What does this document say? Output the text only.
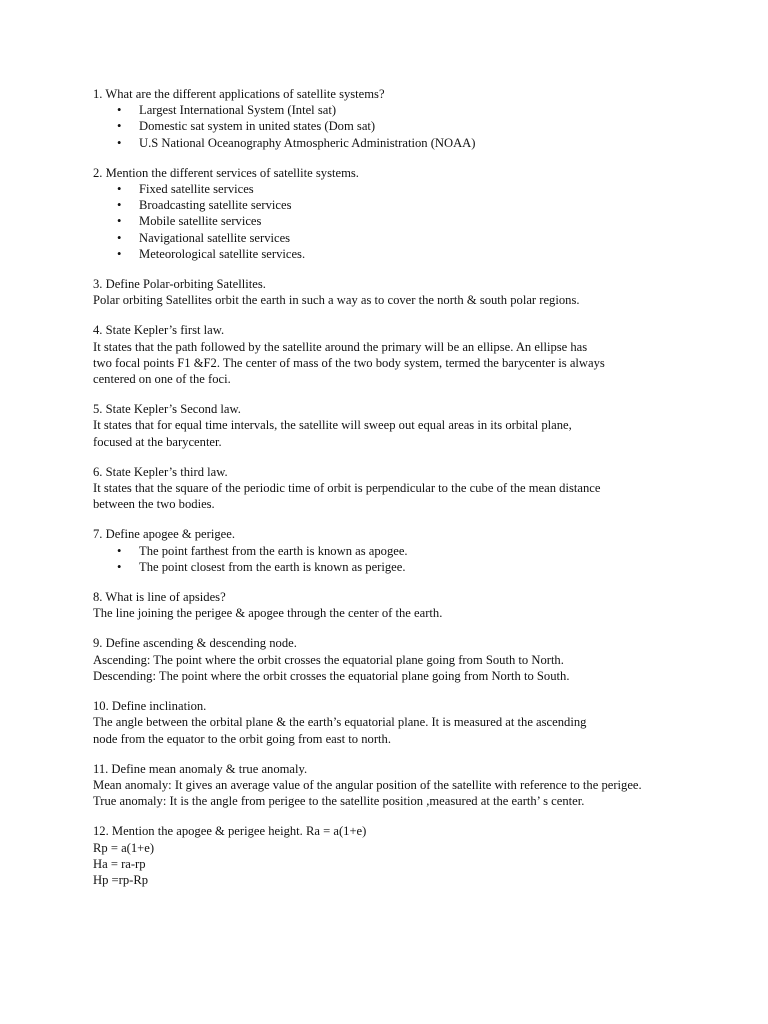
1. What are the different applications of satellite systems?
• Largest International System (Intel sat)
• Domestic sat system in united states (Dom sat)
• U.S National Oceanography Atmospheric Administration (NOAA)
2. Mention the different services of satellite systems.
• Fixed satellite services
• Broadcasting satellite services
• Mobile satellite services
• Navigational satellite services
• Meteorological satellite services.
3. Define Polar-orbiting Satellites.
Polar orbiting Satellites orbit the earth in such a way as to cover the north & south polar regions.
4. State Kepler’s first law.
It states that the path followed by the satellite around the primary will be an ellipse. An ellipse has
two focal points F1 &F2. The center of mass of the two body system, termed the barycenter is always
centered on one of the foci.
5. State Kepler’s Second law.
It states that for equal time intervals, the satellite will sweep out equal areas in its orbital plane,
focused at the barycenter.
6. State Kepler’s third law.
It states that the square of the periodic time of orbit is perpendicular to the cube of the mean distance
between the two bodies.
7. Define apogee & perigee.
• The point farthest from the earth is known as apogee.
• The point closest from the earth is known as perigee.
8. What is line of apsides?
The line joining the perigee & apogee through the center of the earth.
9. Define ascending & descending node.
Ascending: The point where the orbit crosses the equatorial plane going from South to North.
Descending: The point where the orbit crosses the equatorial plane going from North to South.
10. Define inclination.
The angle between the orbital plane & the earth’s equatorial plane. It is measured at the ascending
node from the equator to the orbit going from east to north.
11. Define mean anomaly & true anomaly.
Mean anomaly: It gives an average value of the angular position of the satellite with reference to the perigee.
True anomaly: It is the angle from perigee to the satellite position ,measured at the earth’ s center.
12. Mention the apogee & perigee height. Ra = a(1+e)
Rp = a(1+e)
Ha = ra-rp
Hp =rp-Rp
